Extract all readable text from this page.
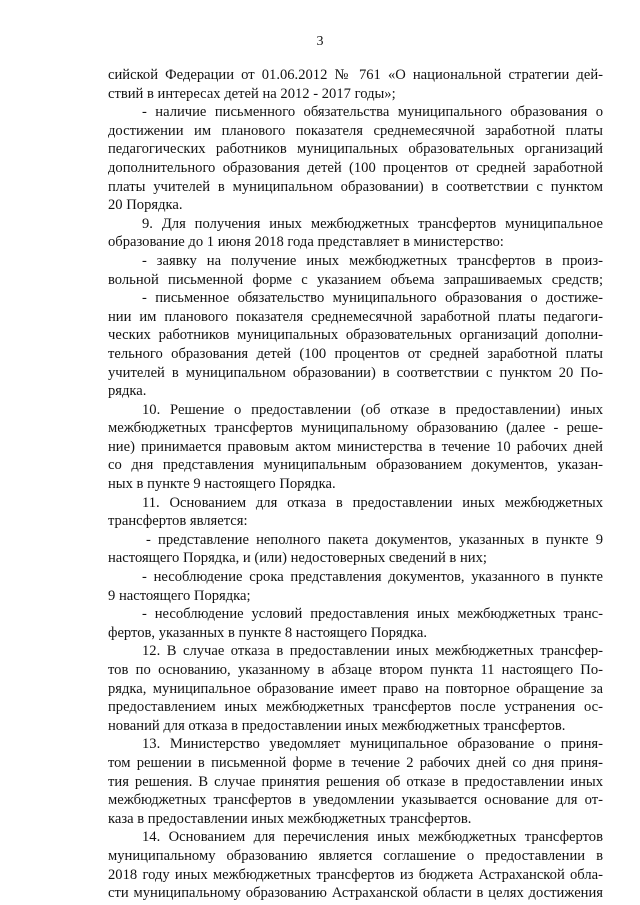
3
сийской Федерации от 01.06.2012 № 761 «О национальной стратегии дей-
ствий в интересах детей на 2012 - 2017 годы»;
- наличие письменного обязательства муниципального образования о
достижении им планового показателя среднемесячной заработной платы
педагогических работников муниципальных образовательных организаций
дополнительного образования детей (100 процентов от средней заработной
платы учителей в муниципальном образовании) в соответствии с пунктом
20 Порядка.
9. Для получения иных межбюджетных трансфертов муниципальное
образование до 1 июня 2018 года представляет в министерство:
- заявку на получение иных межбюджетных трансфертов в произ-
вольной письменной форме с указанием объема запрашиваемых средств;
- письменное обязательство муниципального образования о достиже-
нии им планового показателя среднемесячной заработной платы педагоги-
ческих работников муниципальных образовательных организаций дополни-
тельного образования детей (100 процентов от средней заработной платы
учителей в муниципальном образовании) в соответствии с пунктом 20 По-
рядка.
10. Решение о предоставлении (об отказе в предоставлении) иных
межбюджетных трансфертов муниципальному образованию (далее - реше-
ние) принимается правовым актом министерства в течение 10 рабочих дней
со дня представления муниципальным образованием документов, указан-
ных в пункте 9 настоящего Порядка.
11. Основанием для отказа в предоставлении иных межбюджетных
трансфертов является:
- представление неполного пакета документов, указанных в пункте 9
настоящего Порядка, и (или) недостоверных сведений в них;
- несоблюдение срока представления документов, указанного в пункте
9 настоящего Порядка;
- несоблюдение условий предоставления иных межбюджетных транс-
фертов, указанных в пункте 8 настоящего Порядка.
12. В случае отказа в предоставлении иных межбюджетных трансфер-
тов по основанию, указанному в абзаце втором пункта 11 настоящего По-
рядка, муниципальное образование имеет право на повторное обращение за
предоставлением иных межбюджетных трансфертов после устранения ос-
нований для отказа в предоставлении иных межбюджетных трансфертов.
13. Министерство уведомляет муниципальное образование о приня-
том решении в письменной форме в течение 2 рабочих дней со дня приня-
тия решения. В случае принятия решения об отказе в предоставлении иных
межбюджетных трансфертов в уведомлении указывается основание для от-
каза в предоставлении иных межбюджетных трансфертов.
14. Основанием для перечисления иных межбюджетных трансфертов
муниципальному образованию является соглашение о предоставлении в
2018 году иных межбюджетных трансфертов из бюджета Астраханской обла-
сти муниципальному образованию Астраханской области в целях достижения
